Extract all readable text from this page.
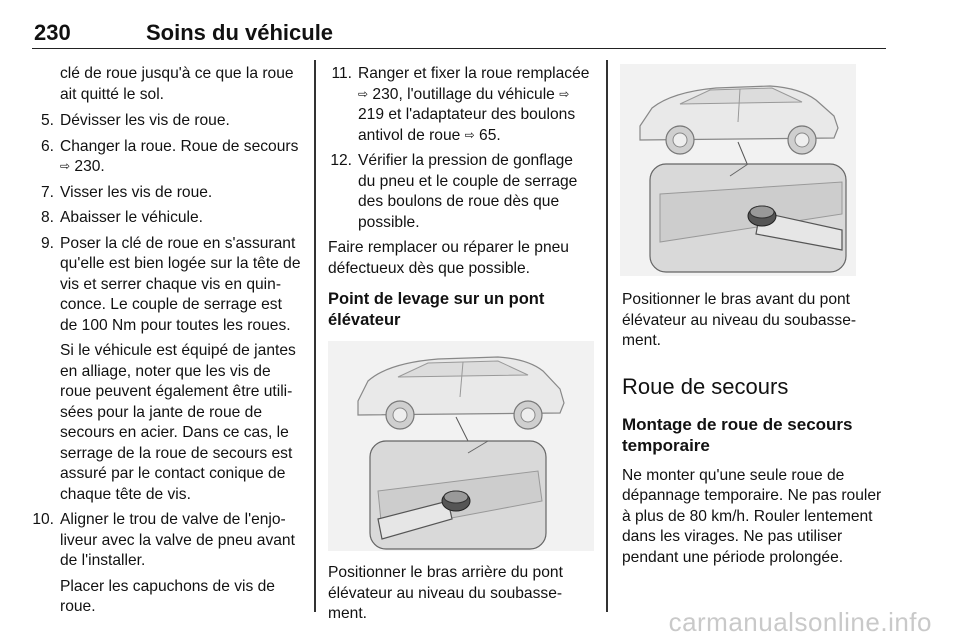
230	Soins du véhicule
clé de roue jusqu'à ce que la roue ait quitté le sol.
5. Dévisser les vis de roue.
6. Changer la roue. Roue de secours ⇨ 230.
7. Visser les vis de roue.
8. Abaisser le véhicule.
9. Poser la clé de roue en s'assurant qu'elle est bien logée sur la tête de vis et serrer chaque vis en quin-conce. Le couple de serrage est de 100 Nm pour toutes les roues.
Si le véhicule est équipé de jantes en alliage, noter que les vis de roue peuvent également être utili-sées pour la jante de roue de secours en acier. Dans ce cas, le serrage de la roue de secours est assuré par le contact conique de chaque tête de vis.
10. Aligner le trou de valve de l'enjo-liveur avec la valve de pneu avant de l'installer.
Placer les capuchons de vis de roue.
11. Ranger et fixer la roue remplacée ⇨ 230, l'outillage du véhicule ⇨ 219 et l'adaptateur des boulons antivol de roue ⇨ 65.
12. Vérifier la pression de gonflage du pneu et le couple de serrage des boulons de roue dès que possible.
Faire remplacer ou réparer le pneu défectueux dès que possible.
Point de levage sur un pont élévateur
Positionner le bras arrière du pont élévateur au niveau du soubasse-ment.
Positionner le bras avant du pont élévateur au niveau du soubasse-ment.
Roue de secours
Montage de roue de secours temporaire
Ne monter qu'une seule roue de dépannage temporaire. Ne pas rouler à plus de 80 km/h. Rouler lentement dans les virages. Ne pas utiliser pendant une période prolongée.
carmanualsonline.info
